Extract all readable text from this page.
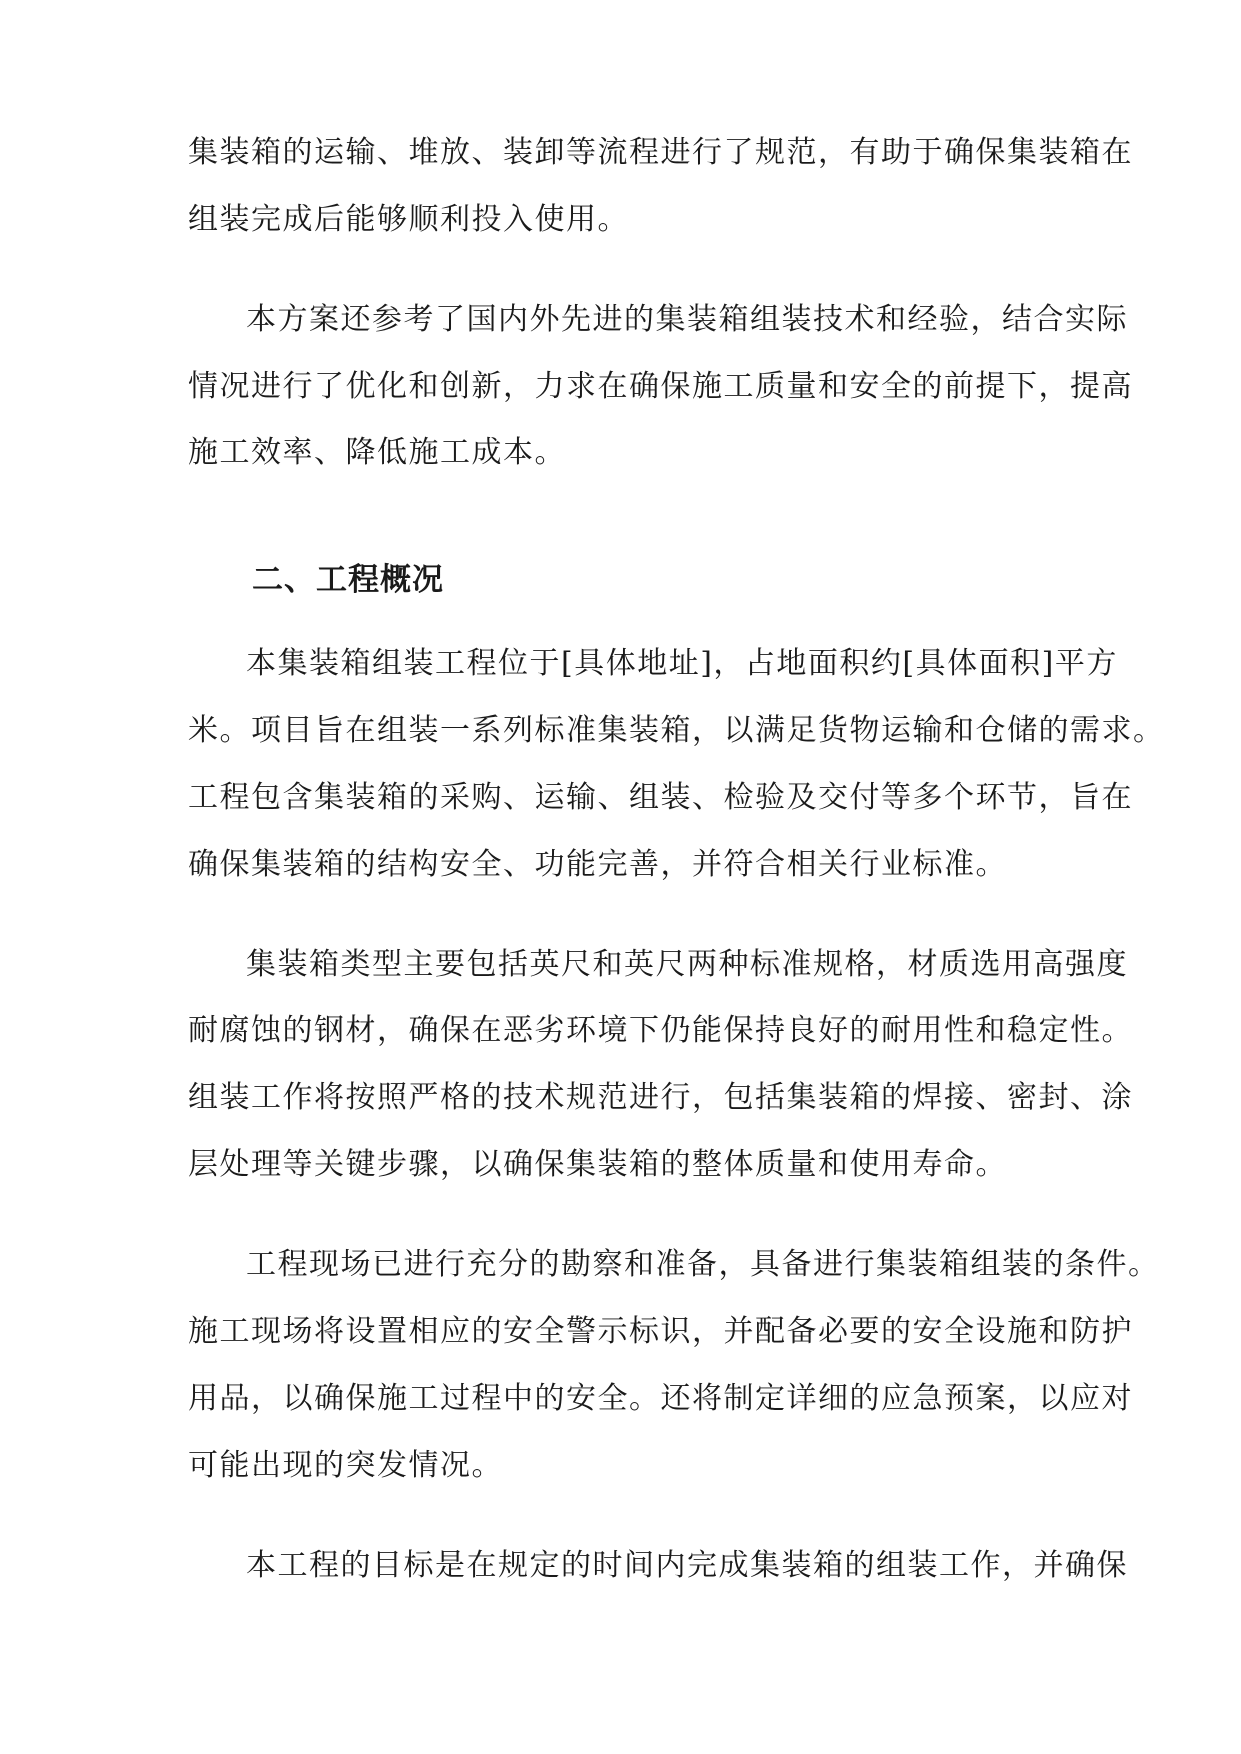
集装箱的运输、堆放、装卸等流程进行了规范，有助于确保集装箱在
组装完成后能够顺利投入使用。
本方案还参考了国内外先进的集装箱组装技术和经验，结合实际
情况进行了优化和创新，力求在确保施工质量和安全的前提下，提高
施工效率、降低施工成本。
二、工程概况
本集装箱组装工程位于[具体地址]，占地面积约[具体面积]平方
米。项目旨在组装一系列标准集装箱，以满足货物运输和仓储的需求。
工程包含集装箱的采购、运输、组装、检验及交付等多个环节，旨在
确保集装箱的结构安全、功能完善，并符合相关行业标准。
集装箱类型主要包括英尺和英尺两种标准规格，材质选用高强度
耐腐蚀的钢材，确保在恶劣环境下仍能保持良好的耐用性和稳定性。
组装工作将按照严格的技术规范进行，包括集装箱的焊接、密封、涂
层处理等关键步骤，以确保集装箱的整体质量和使用寿命。
工程现场已进行充分的勘察和准备，具备进行集装箱组装的条件。
施工现场将设置相应的安全警示标识，并配备必要的安全设施和防护
用品，以确保施工过程中的安全。还将制定详细的应急预案，以应对
可能出现的突发情况。
本工程的目标是在规定的时间内完成集装箱的组装工作，并确保
